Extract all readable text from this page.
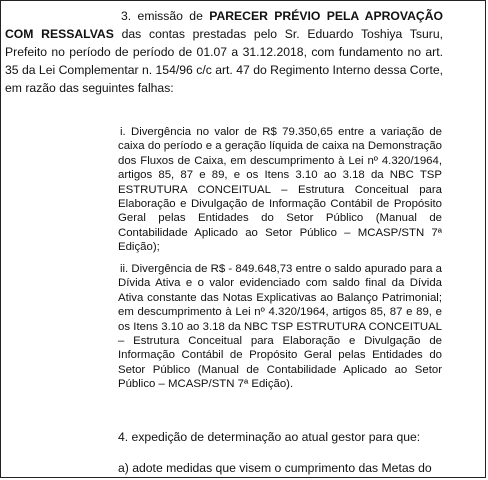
3. emissão de PARECER PRÉVIO PELA APROVAÇÃO COM RESSALVAS das contas prestadas pelo Sr. Eduardo Toshiya Tsuru, Prefeito no período de período de 01.07 a 31.12.2018, com fundamento no art. 35 da Lei Complementar n. 154/96 c/c art. 47 do Regimento Interno dessa Corte, em razão das seguintes falhas:

i. Divergência no valor de R$ 79.350,65 entre a variação de caixa do período e a geração líquida de caixa na Demonstração dos Fluxos de Caixa, em descumprimento à Lei nº 4.320/1964, artigos 85, 87 e 89, e os Itens 3.10 ao 3.18 da NBC TSP ESTRUTURA CONCEITUAL – Estrutura Conceitual para Elaboração e Divulgação de Informação Contábil de Propósito Geral pelas Entidades do Setor Público (Manual de Contabilidade Aplicado ao Setor Público – MCASP/STN 7ª Edição);

ii. Divergência de R$ - 849.648,73 entre o saldo apurado para a Dívida Ativa e o valor evidenciado com saldo final da Dívida Ativa constante das Notas Explicativas ao Balanço Patrimonial; em descumprimento à Lei nº 4.320/1964, artigos 85, 87 e 89, e os Itens 3.10 ao 3.18 da NBC TSP ESTRUTURA CONCEITUAL – Estrutura Conceitual para Elaboração e Divulgação de Informação Contábil de Propósito Geral pelas Entidades do Setor Público (Manual de Contabilidade Aplicado ao Setor Público – MCASP/STN 7ª Edição).

4. expedição de determinação ao atual gestor para que:

a) adote medidas que visem o cumprimento das Metas do
